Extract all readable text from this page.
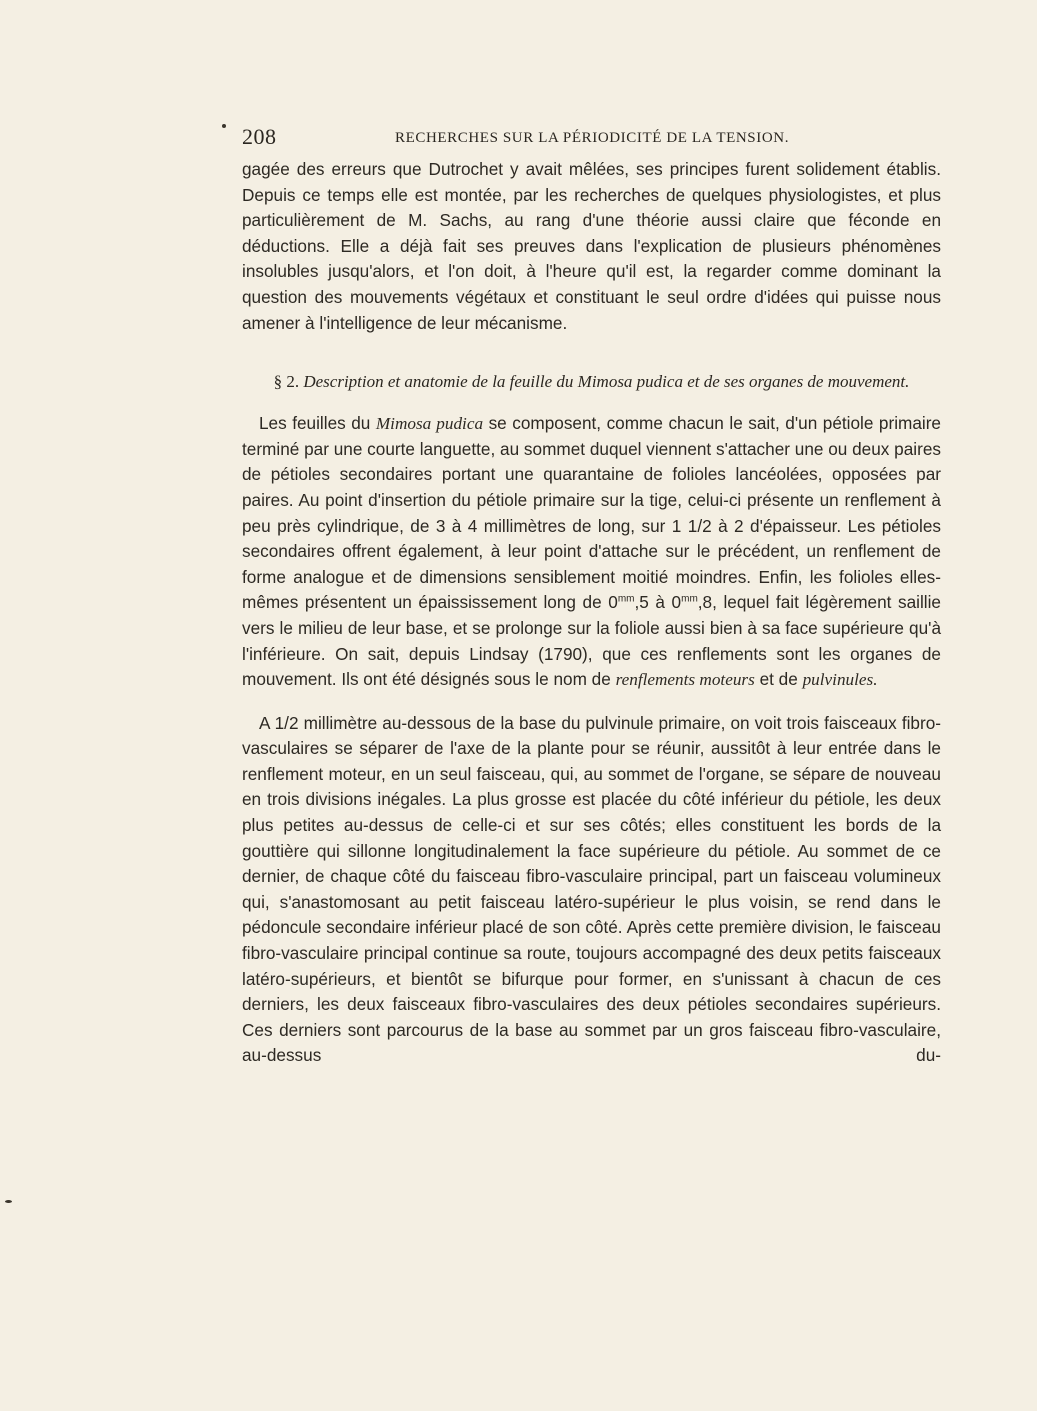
208	RECHERCHES SUR LA PÉRIODICITÉ DE LA TENSION.

gagée des erreurs que Dutrochet y avait mêlées, ses principes furent solidement établis. Depuis ce temps elle est montée, par les recherches de quelques physiologistes, et plus particulièrement de M. Sachs, au rang d'une théorie aussi claire que féconde en déductions. Elle a déjà fait ses preuves dans l'explication de plusieurs phénomènes insolubles jusqu'alors, et l'on doit, à l'heure qu'il est, la regarder comme dominant la question des mouvements végétaux et constituant le seul ordre d'idées qui puisse nous amener à l'intelligence de leur mécanisme.

§ 2. Description et anatomie de la feuille du Mimosa pudica et de ses organes de mouvement.

Les feuilles du Mimosa pudica se composent, comme chacun le sait, d'un pétiole primaire terminé par une courte languette, au sommet duquel viennent s'attacher une ou deux paires de pétioles secondaires portant une quarantaine de folioles lancéolées, opposées par paires. Au point d'insertion du pétiole primaire sur la tige, celui-ci présente un renflement à peu près cylindrique, de 3 à 4 millimètres de long, sur 1 1/2 à 2 d'épaisseur. Les pétioles secondaires offrent également, à leur point d'attache sur le précédent, un renflement de forme analogue et de dimensions sensiblement moitié moindres. Enfin, les folioles elles-mêmes présentent un épaississement long de $0^{mm},5$ à $0^{mm},8$, lequel fait légèrement saillie vers le milieu de leur base, et se prolonge sur la foliole aussi bien à sa face supérieure qu'à l'inférieure. On sait, depuis Lindsay (1790), que ces renflements sont les organes de mouvement. Ils ont été désignés sous le nom de renflements moteurs et de pulvinules.

A 1/2 millimètre au-dessous de la base du pulvinule primaire, on voit trois faisceaux fibro-vasculaires se séparer de l'axe de la plante pour se réunir, aussitôt à leur entrée dans le renflement moteur, en un seul faisceau, qui, au sommet de l'organe, se sépare de nouveau en trois divisions inégales. La plus grosse est placée du côté inférieur du pétiole, les deux plus petites au-dessus de celle-ci et sur ses côtés; elles constituent les bords de la gouttière qui sillonne longitudinalement la face supérieure du pétiole. Au sommet de ce dernier, de chaque côté du faisceau fibro-vasculaire principal, part un faisceau volumineux qui, s'anastomosant au petit faisceau latéro-supérieur le plus voisin, se rend dans le pédoncule secondaire inférieur placé de son côté. Après cette première division, le faisceau fibro-vasculaire principal continue sa route, toujours accompagné des deux petits faisceaux latéro-supérieurs, et bientôt se bifurque pour former, en s'unissant à chacun de ces derniers, les deux faisceaux fibro-vasculaires des deux pétioles secondaires supérieurs. Ces derniers sont parcourus de la base au sommet par un gros faisceau fibro-vasculaire, au-dessus du-
